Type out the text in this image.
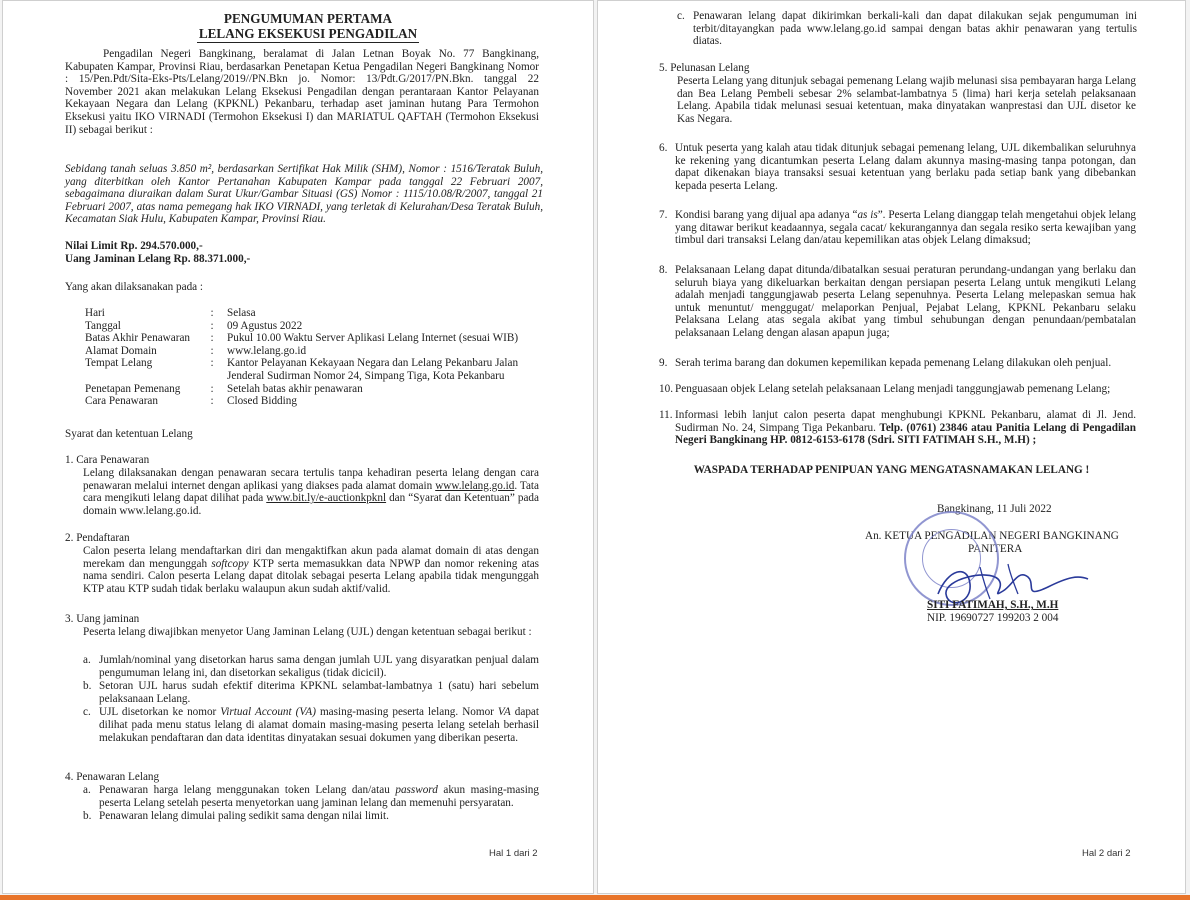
PENGUMUMAN PERTAMA
LELANG EKSEKUSI PENGADILAN

Pengadilan Negeri Bangkinang, beralamat di Jalan Letnan Boyak No. 77 Bangkinang, Kabupaten Kampar, Provinsi Riau, berdasarkan Penetapan Ketua Pengadilan Negeri Bangkinang Nomor : 15/Pen.Pdt/Sita-Eks-Pts/Lelang/2019//PN.Bkn jo. Nomor: 13/Pdt.G/2017/PN.Bkn. tanggal 22 November 2021 akan melakukan Lelang Eksekusi Pengadilan dengan perantaraan Kantor Pelayanan Kekayaan Negara dan Lelang (KPKNL) Pekanbaru, terhadap aset jaminan hutang Para Termohon Eksekusi yaitu IKO VIRNADI (Termohon Eksekusi I) dan MARIATUL QAFTAH (Termohon Eksekusi II) sebagai berikut :

Sebidang tanah seluas 3.850 m², berdasarkan Sertifikat Hak Milik (SHM), Nomor : 1516/Teratak Buluh, yang diterbitkan oleh Kantor Pertanahan Kabupaten Kampar pada tanggal 22 Februari 2007, sebagaimana diuraikan dalam Surat Ukur/Gambar Situasi (GS) Nomor : 1115/10.08/R/2007, tanggal 21 Februari 2007, atas nama pemegang hak IKO VIRNADI, yang terletak di Kelurahan/Desa Teratak Buluh, Kecamatan Siak Hulu, Kabupaten Kampar, Provinsi Riau.

Nilai Limit Rp. 294.570.000,-

Uang Jaminan Lelang Rp. 88.371.000,-

Yang akan dilaksanakan pada :

Hari	:	Selasa
Tanggal	:	09 Agustus 2022
Batas Akhir Penawaran	:	Pukul 10.00 Waktu Server Aplikasi Lelang Internet (sesuai WIB)
Alamat Domain	:	www.lelang.go.id
Tempat Lelang	:	Kantor Pelayanan Kekayaan Negara dan Lelang Pekanbaru Jalan Jenderal Sudirman Nomor 24, Simpang Tiga, Kota Pekanbaru
Penetapan Pemenang	:	Setelah batas akhir penawaran
Cara Penawaran	:	Closed Bidding

Syarat dan ketentuan Lelang

1. Cara Penawaran

Lelang dilaksanakan dengan penawaran secara tertulis tanpa kehadiran peserta lelang dengan cara penawaran melalui internet dengan aplikasi yang diakses pada alamat domain www.lelang.go.id. Tata cara mengikuti lelang dapat dilihat pada www.bit.ly/e-auctionkpknl dan “Syarat dan Ketentuan” pada domain www.lelang.go.id.

2. Pendaftaran

Calon peserta lelang mendaftarkan diri dan mengaktifkan akun pada alamat domain di atas dengan merekam dan mengunggah softcopy KTP serta memasukkan data NPWP dan nomor rekening atas nama sendiri. Calon peserta Lelang dapat ditolak sebagai peserta Lelang apabila tidak mengunggah KTP atau KTP sudah tidak berlaku walaupun akun sudah aktif/valid.

3. Uang jaminan

Peserta lelang diwajibkan menyetor Uang Jaminan Lelang (UJL) dengan ketentuan sebagai berikut :

a. Jumlah/nominal yang disetorkan harus sama dengan jumlah UJL yang disyaratkan penjual dalam pengumuman lelang ini, dan disetorkan sekaligus (tidak dicicil).
b. Setoran UJL harus sudah efektif diterima KPKNL selambat-lambatnya 1 (satu) hari sebelum pelaksanaan Lelang.
c. UJL disetorkan ke nomor Virtual Account (VA) masing-masing peserta lelang. Nomor VA dapat dilihat pada menu status lelang di alamat domain masing-masing peserta lelang setelah berhasil melakukan pendaftaran dan data identitas dinyatakan sesuai dokumen yang diberikan peserta.

4. Penawaran Lelang

a. Penawaran harga lelang menggunakan token Lelang dan/atau password akun masing-masing peserta Lelang setelah peserta menyetorkan uang jaminan lelang dan memenuhi persyaratan.
b. Penawaran lelang dimulai paling sedikit sama dengan nilai limit.
Hal 1 dari 2
c. Penawaran lelang dapat dikirimkan berkali-kali dan dapat dilakukan sejak pengumuman ini terbit/ditayangkan pada www.lelang.go.id sampai dengan batas akhir penawaran yang tertulis diatas.

5. Pelunasan Lelang

Peserta Lelang yang ditunjuk sebagai pemenang Lelang wajib melunasi sisa pembayaran harga Lelang dan Bea Lelang Pembeli sebesar 2% selambat-lambatnya 5 (lima) hari kerja setelah pelaksanaan Lelang. Apabila tidak melunasi sesuai ketentuan, maka dinyatakan wanprestasi dan UJL disetor ke Kas Negara.

6. Untuk peserta yang kalah atau tidak ditunjuk sebagai pemenang lelang, UJL dikembalikan seluruhnya ke rekening yang dicantumkan peserta Lelang dalam akunnya masing-masing tanpa potongan, dan dapat dikenakan biaya transaksi sesuai ketentuan yang berlaku pada setiap bank yang dibebankan kepada peserta Lelang.
7. Kondisi barang yang dijual apa adanya “as is”. Peserta Lelang dianggap telah mengetahui objek lelang yang ditawar berikut keadaannya, segala cacat/ kekurangannya dan segala resiko serta kewajiban yang timbul dari transaksi Lelang dan/atau kepemilikan atas objek Lelang dimaksud;
8. Pelaksanaan Lelang dapat ditunda/dibatalkan sesuai peraturan perundang-undangan yang berlaku dan seluruh biaya yang dikeluarkan berkaitan dengan persiapan peserta Lelang untuk mengikuti Lelang adalah menjadi tanggungjawab peserta Lelang sepenuhnya. Peserta Lelang melepaskan semua hak untuk menuntut/ menggugat/ melaporkan Penjual, Pejabat Lelang, KPKNL Pekanbaru selaku Pelaksana Lelang atas segala akibat yang timbul sehubungan dengan penundaan/pembatalan pelaksanaan Lelang dengan alasan apapun juga;
9. Serah terima barang dan dokumen kepemilikan kepada pemenang Lelang dilakukan oleh penjual.
10. Penguasaan objek Lelang setelah pelaksanaan Lelang menjadi tanggungjawab pemenang Lelang;
11. Informasi lebih lanjut calon peserta dapat menghubungi KPKNL Pekanbaru, alamat di Jl. Jend. Sudirman No. 24, Simpang Tiga Pekanbaru. Telp. (0761) 23846 atau Panitia Lelang di Pengadilan Negeri Bangkinang HP. 0812-6153-6178 (Sdri. SITI FATIMAH S.H., M.H) ;

WASPADA TERHADAP PENIPUAN YANG MENGATASNAMAKAN LELANG !

Bangkinang, 11 Juli 2022

An. KETUA PENGADILAN NEGERI BANGKINANG

PANITERA

SITI FATIMAH, S.H., M.H

NIP. 19690727 199203 2 004

Hal 2 dari 2
